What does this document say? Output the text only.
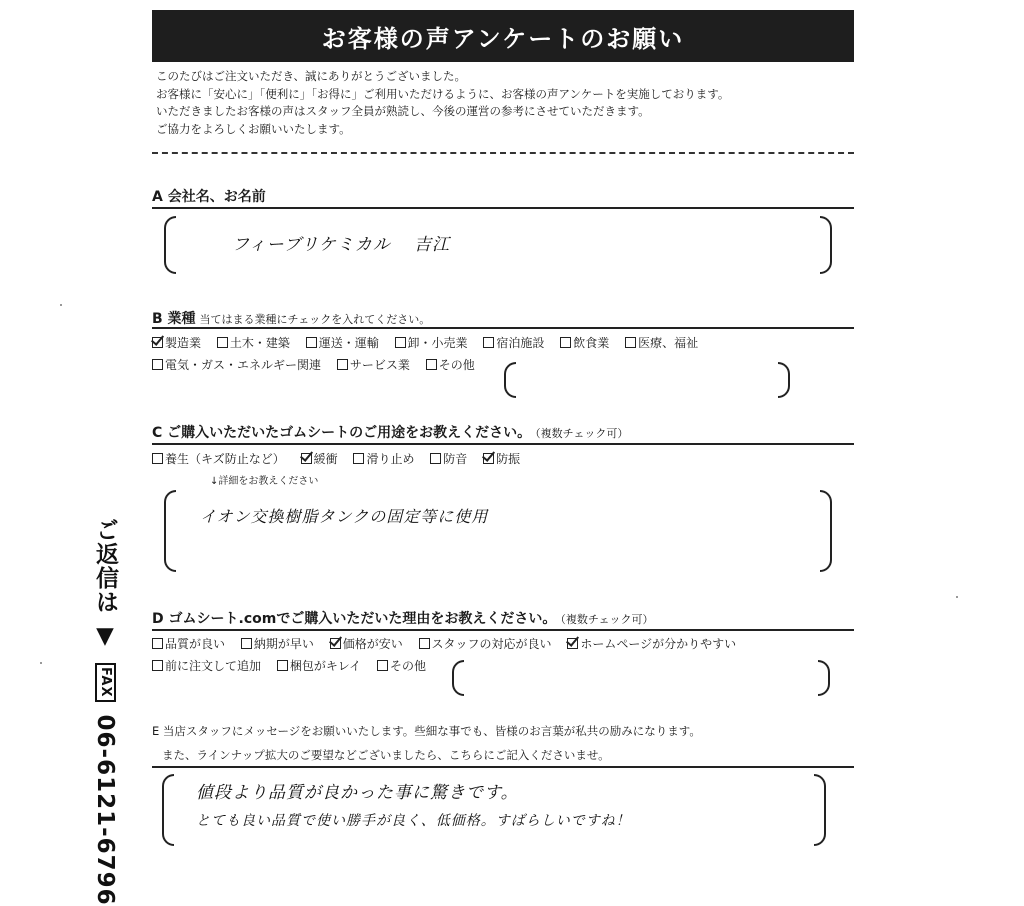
お客様の声アンケートのお願い
このたびはご注文いただき、誠にありがとうございました。
お客様に「安心に」「便利に」「お得に」ご利用いただけるように、お客様の声アンケートを実施しております。
いただきましたお客様の声はスタッフ全員が熟読し、今後の運営の参考にさせていただきます。
ご協力をよろしくお願いいたします。
A 会社名、お名前
フィーブリケミカル 吉江
B 業種 当てはまる業種にチェックを入れてください。
製造業 土木・建築 運送・運輸 卸・小売業 宿泊施設 飲食業 医療、福祉
電気・ガス・エネルギー関連 サービス業 その他
C ご購入いただいたゴムシートのご用途をお教えください。 （複数チェック可）
養生（キズ防止など） 緩衝 滑り止め 防音 防振
↓詳細をお教えください
イオン交換樹脂タンクの固定等に使用
D ゴムシート.comでご購入いただいた理由をお教えください。 （複数チェック可）
品質が良い 納期が早い 価格が安い スタッフの対応が良い ホームページが分かりやすい
前に注文して追加 梱包がキレイ その他
E 当店スタッフにメッセージをお願いいたします。些細な事でも、皆様のお言葉が私共の励みになります。
また、ラインナップ拡大のご要望などございましたら、こちらにご記入くださいませ。
値段より品質が良かった事に驚きです。
とても良い品質で使い勝手が良く、低価格。すばらしいですね！
ご返信は ▼ FAX 06-6121-6796
